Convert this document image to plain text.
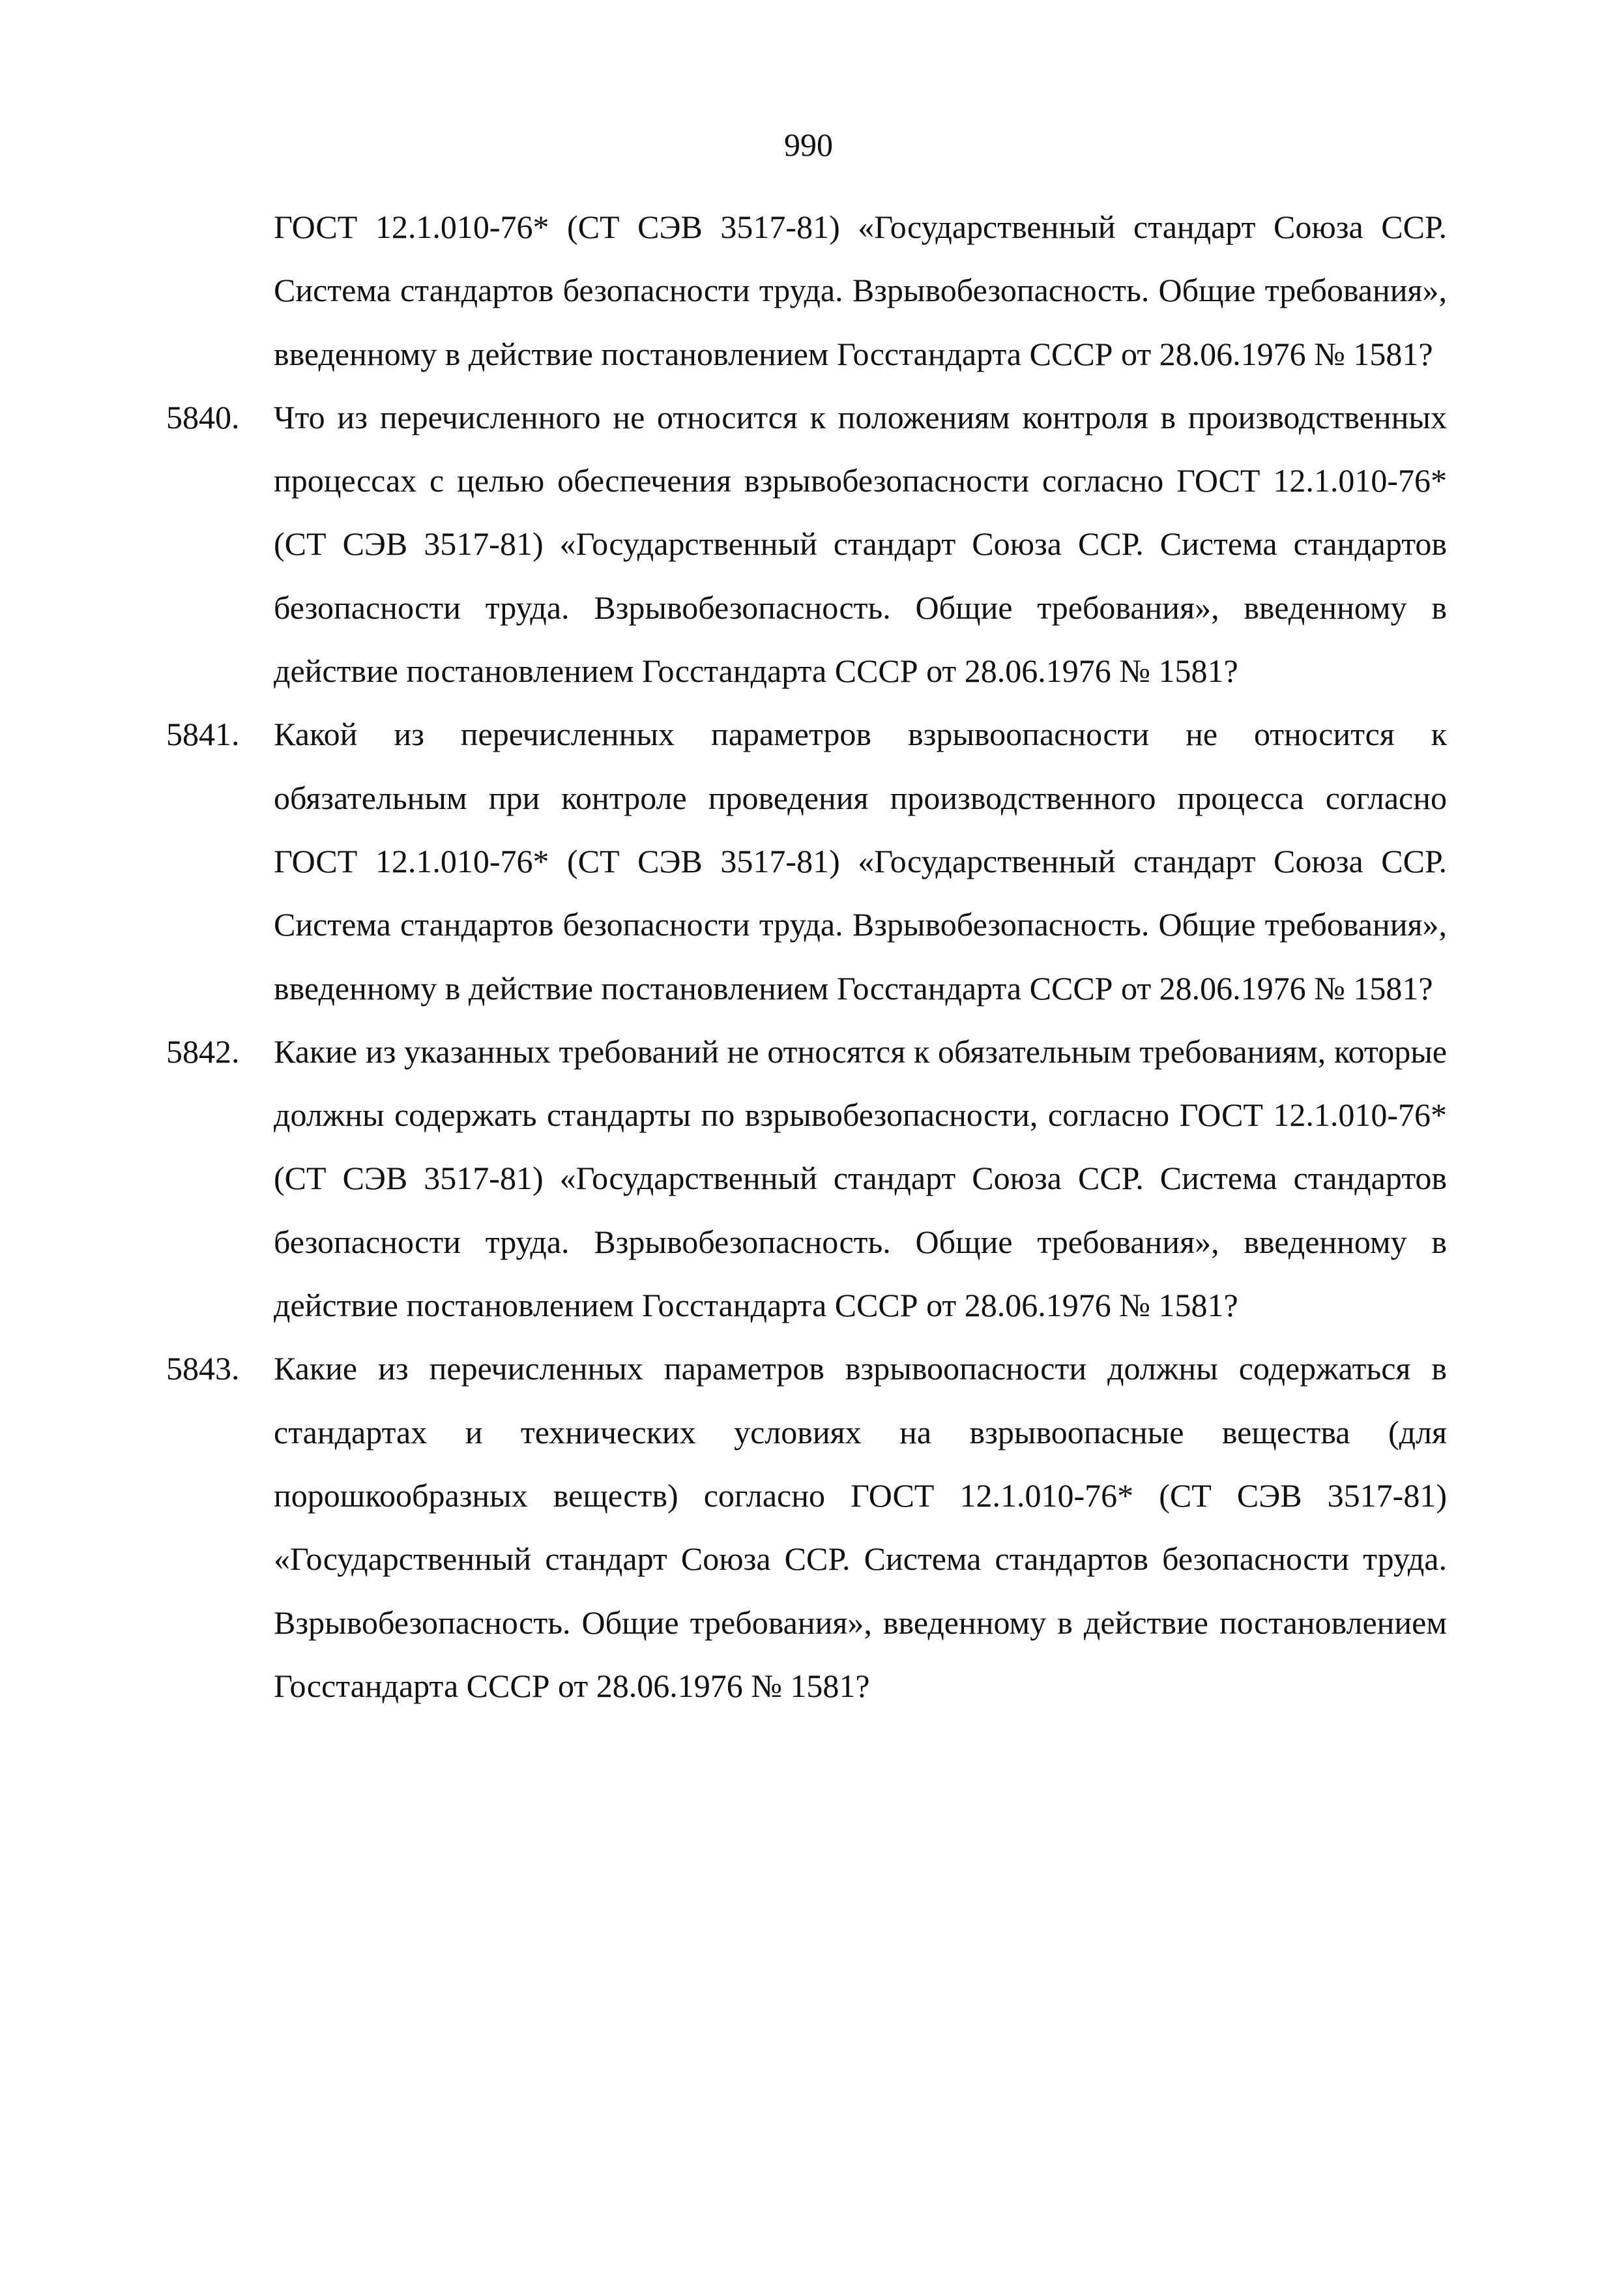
990

ГОСТ 12.1.010-76* (СТ СЭВ 3517-81) «Государственный стандарт Союза ССР. Система стандартов безопасности труда. Взрывобезопасность. Общие требования», введенному в действие постановлением Госстандарта СССР от 28.06.1976 № 1581?

5840.	Что из перечисленного не относится к положениям контроля в производственных процессах с целью обеспечения взрывобезопасности согласно ГОСТ 12.1.010-76* (СТ СЭВ 3517-81) «Государственный стандарт Союза ССР. Система стандартов безопасности труда. Взрывобезопасность. Общие требования», введенному в действие постановлением Госстандарта СССР от 28.06.1976 № 1581?
5841.	Какой из перечисленных параметров взрывоопасности не относится к обязательным при контроле проведения производственного процесса согласно ГОСТ 12.1.010-76* (СТ СЭВ 3517-81) «Государственный стандарт Союза ССР. Система стандартов безопасности труда. Взрывобезопасность. Общие требования», введенному в действие постановлением Госстандарта СССР от 28.06.1976 № 1581?
5842.	Какие из указанных требований не относятся к обязательным требованиям, которые должны содержать стандарты по взрывобезопасности, согласно ГОСТ 12.1.010-76* (СТ СЭВ 3517-81) «Государственный стандарт Союза ССР. Система стандартов безопасности труда. Взрывобезопасность. Общие требования», введенному в действие постановлением Госстандарта СССР от 28.06.1976 № 1581?
5843.	Какие из перечисленных параметров взрывоопасности должны содержаться в стандартах и технических условиях на взрывоопасные вещества (для порошкообразных веществ) согласно ГОСТ 12.1.010-76* (СТ СЭВ 3517-81) «Государственный стандарт Союза ССР. Система стандартов безопасности труда. Взрывобезопасность. Общие требования», введенному в действие постановлением Госстандарта СССР от 28.06.1976 № 1581?
